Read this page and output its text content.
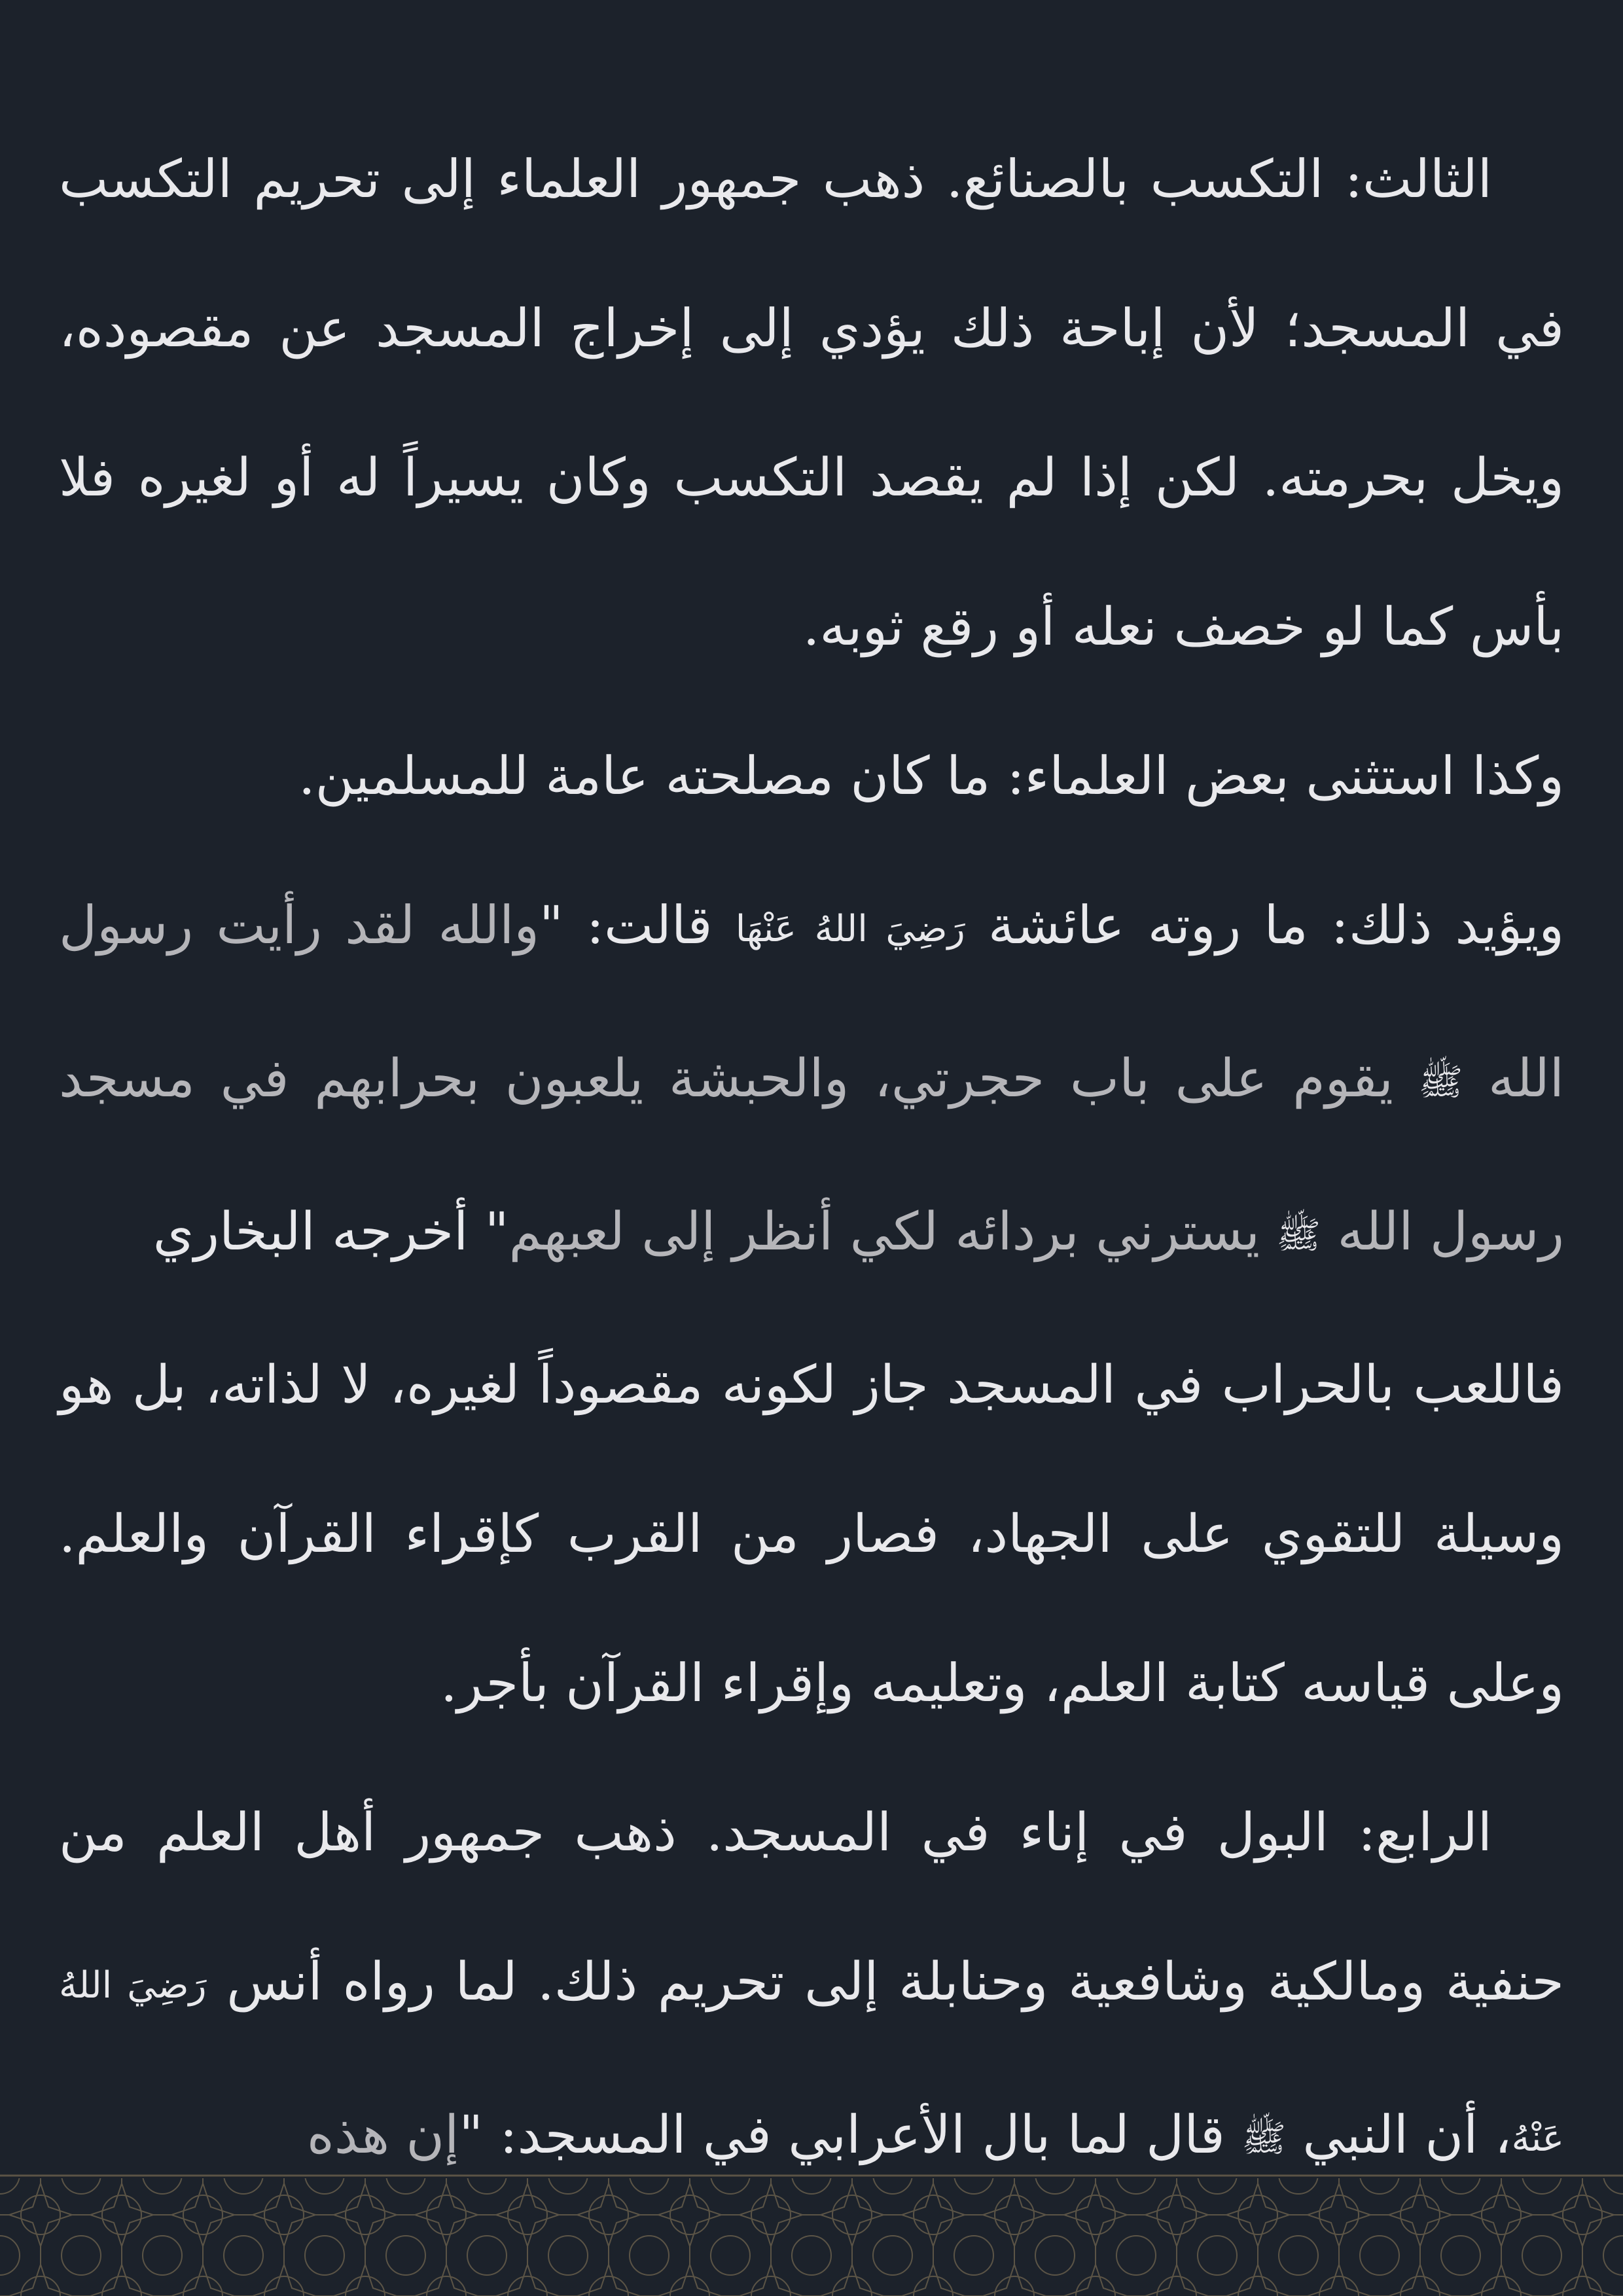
الثالث: التكسب بالصنائع. ذهب جمهور العلماء إلى تحريم التكسب في المسجد؛ لأن إباحة ذلك يؤدي إلى إخراج المسجد عن مقصوده، ويخل بحرمته. لكن إذا لم يقصد التكسب وكان يسيراً له أو لغيره فلا بأس كما لو خصف نعله أو رقع ثوبه.

وكذا استثنى بعض العلماء: ما كان مصلحته عامة للمسلمين.

ويؤيد ذلك: ما روته عائشة رَضِيَ اللهُ عَنْهَا قالت: "والله لقد رأيت رسول الله ﷺ يقوم على باب حجرتي، والحبشة يلعبون بحرابهم في مسجد رسول الله ﷺ يسترني بردائه لكي أنظر إلى لعبهم" أخرجه البخاري

فاللعب بالحراب في المسجد جاز لكونه مقصوداً لغيره، لا لذاته، بل هو وسيلة للتقوي على الجهاد، فصار من القرب كإقراء القرآن والعلم. وعلى قياسه كتابة العلم، وتعليمه وإقراء القرآن بأجر.

الرابع: البول في إناء في المسجد. ذهب جمهور أهل العلم من حنفية ومالكية وشافعية وحنابلة إلى تحريم ذلك. لما رواه أنس رَضِيَ اللهُ عَنْهُ، أن النبي ﷺ قال لما بال الأعرابي في المسجد: "إن هذه
